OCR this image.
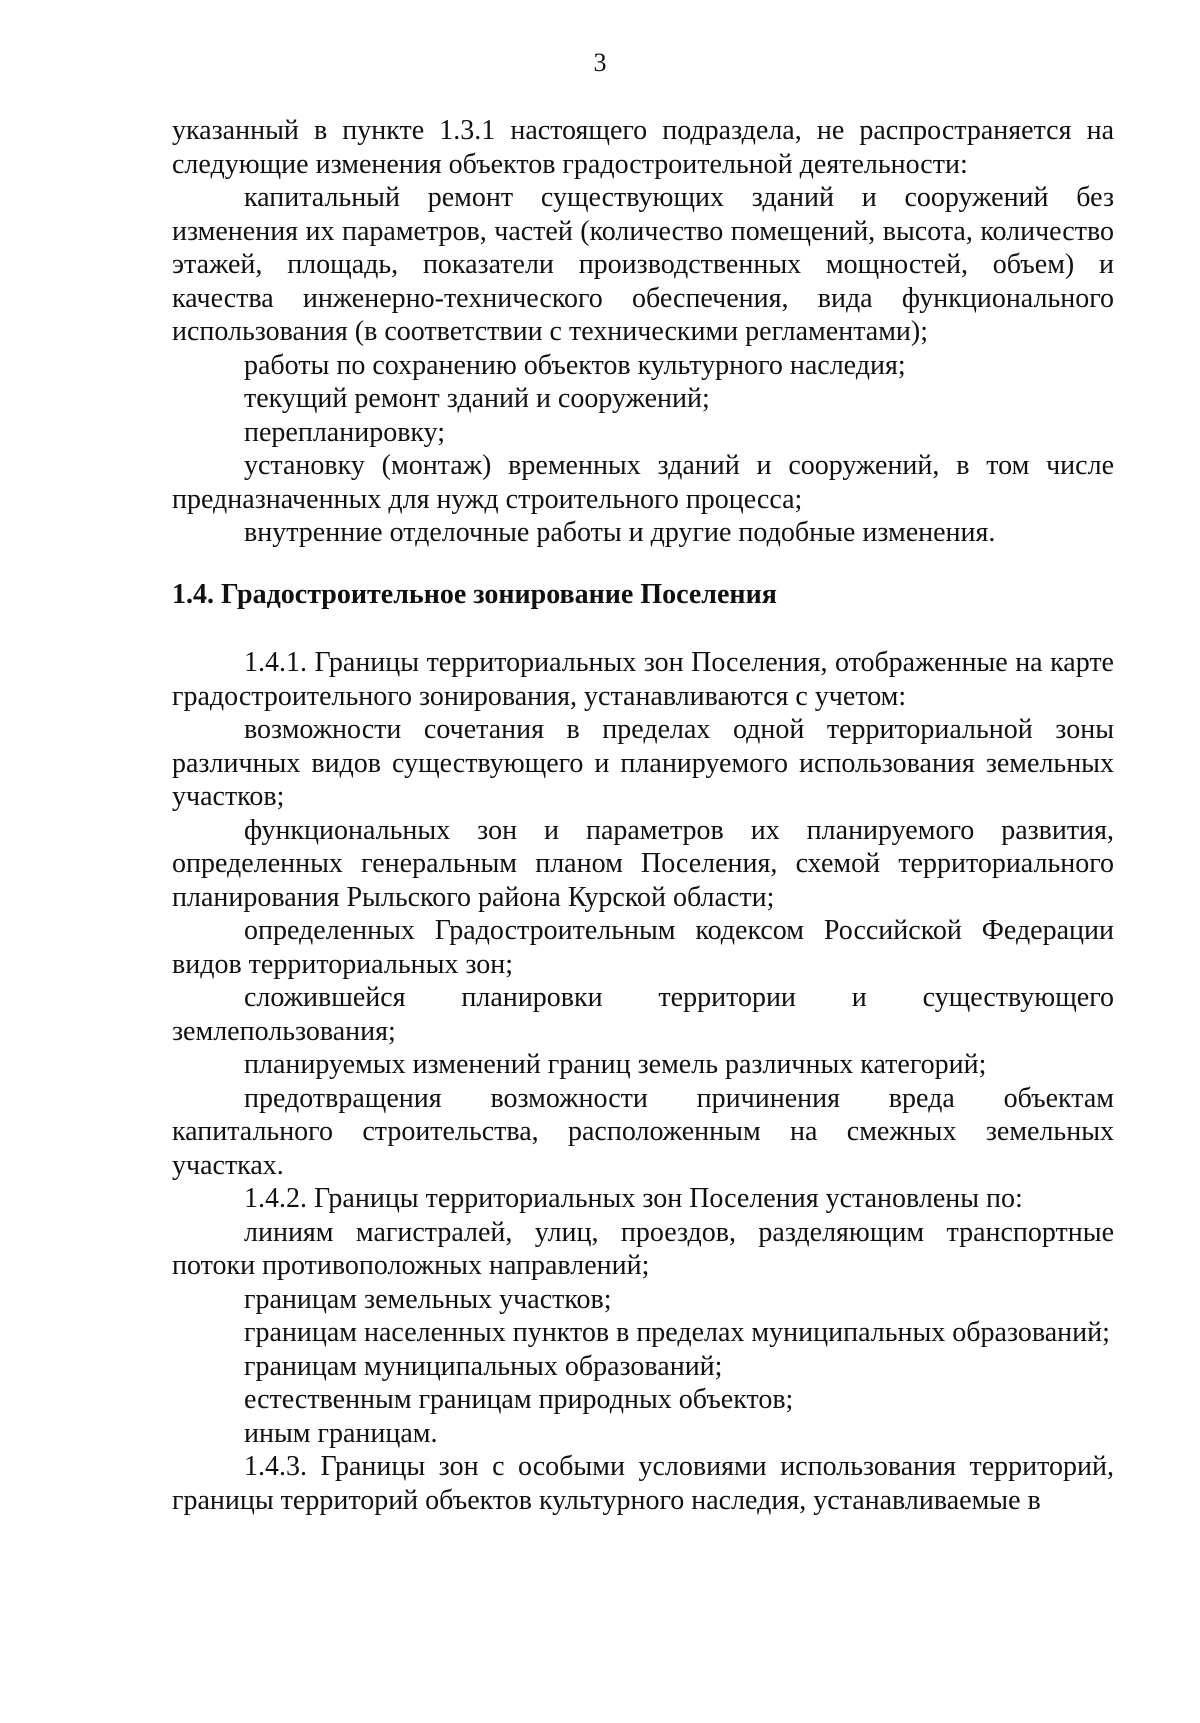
3

указанный в пункте 1.3.1 настоящего подраздела, не распространяется на следующие изменения объектов градостроительной деятельности:

капитальный ремонт существующих зданий и сооружений без изменения их параметров, частей (количество помещений, высота, количество этажей, площадь, показатели производственных мощностей, объем) и качества инженерно-технического обеспечения, вида функционального использования (в соответствии с техническими регламентами);

работы по сохранению объектов культурного наследия;

текущий ремонт зданий и сооружений;

перепланировку;

установку (монтаж) временных зданий и сооружений, в том числе предназначенных для нужд строительного процесса;

внутренние отделочные работы и другие подобные изменения.

1.4. Градостроительное зонирование Поселения

1.4.1. Границы территориальных зон Поселения, отображенные на карте градостроительного зонирования, устанавливаются с учетом:

возможности сочетания в пределах одной территориальной зоны различных видов существующего и планируемого использования земельных участков;

функциональных зон и параметров их планируемого развития, определенных генеральным планом Поселения, схемой территориального планирования Рыльского района Курской области;

определенных Градостроительным кодексом Российской Федерации видов территориальных зон;

сложившейся планировки территории и существующего землепользования;

планируемых изменений границ земель различных категорий;

предотвращения возможности причинения вреда объектам капитального строительства, расположенным на смежных земельных участках.

1.4.2. Границы территориальных зон Поселения установлены по:

линиям магистралей, улиц, проездов, разделяющим транспортные потоки противоположных направлений;

границам земельных участков;

границам населенных пунктов в пределах муниципальных образований;

границам муниципальных образований;

естественным границам природных объектов;

иным границам.

1.4.3. Границы зон с особыми условиями использования территорий, границы территорий объектов культурного наследия, устанавливаемые в
